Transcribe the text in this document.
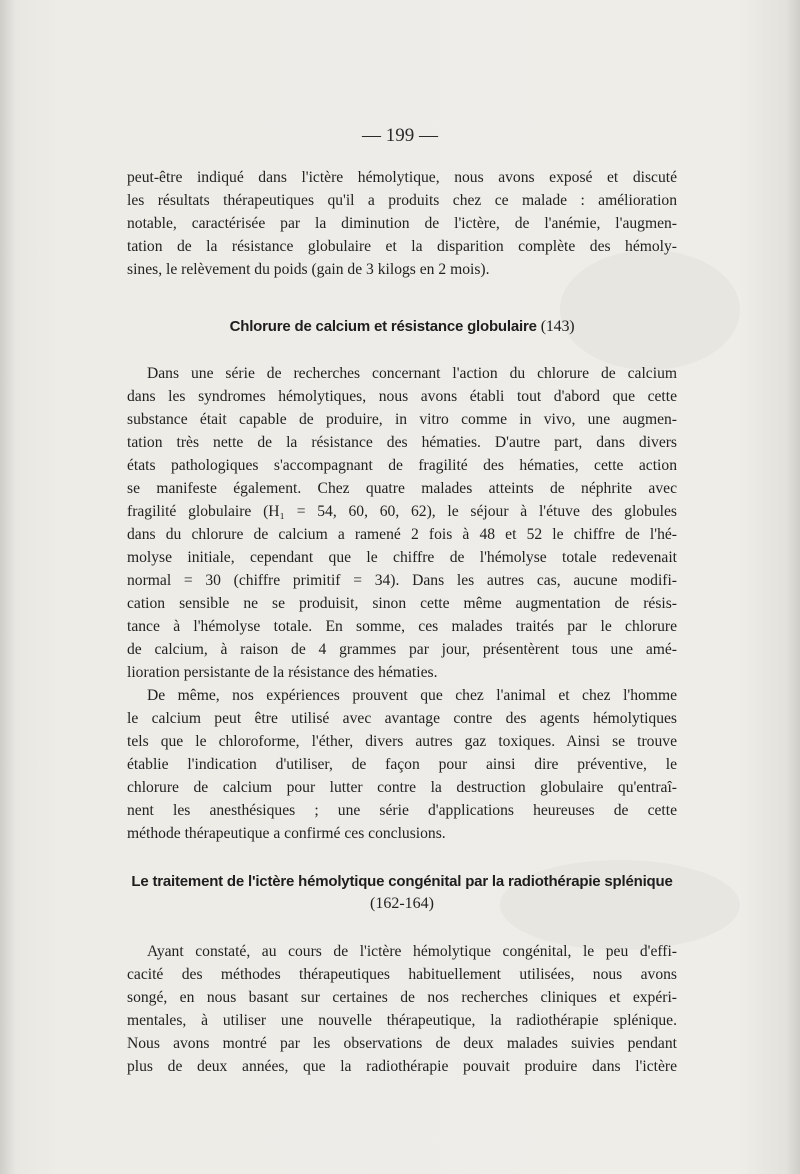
— 199 —
peut-être indiqué dans l'ictère hémolytique, nous avons exposé et discuté
les résultats thérapeutiques qu'il a produits chez ce malade : amélioration
notable, caractérisée par la diminution de l'ictère, de l'anémie, l'augmen-
tation de la résistance globulaire et la disparition complète des hémoly-
sines, le relèvement du poids (gain de 3 kilogs en 2 mois).
Chlorure de calcium et résistance globulaire (143)
Dans une série de recherches concernant l'action du chlorure de calcium
dans les syndromes hémolytiques, nous avons établi tout d'abord que cette
substance était capable de produire, in vitro comme in vivo, une augmen-
tation très nette de la résistance des hématies. D'autre part, dans divers
états pathologiques s'accompagnant de fragilité des hématies, cette action
se manifeste également. Chez quatre malades atteints de néphrite avec
fragilité globulaire (H₁ = 54, 60, 60, 62), le séjour à l'étuve des globules
dans du chlorure de calcium a ramené 2 fois à 48 et 52 le chiffre de l'hé-
molyse initiale, cependant que le chiffre de l'hémolyse totale redevenait
normal = 30 (chiffre primitif = 34). Dans les autres cas, aucune modifi-
cation sensible ne se produisit, sinon cette même augmentation de résis-
tance à l'hémolyse totale. En somme, ces malades traités par le chlorure
de calcium, à raison de 4 grammes par jour, présentèrent tous une amé-
lioration persistante de la résistance des hématies.
De même, nos expériences prouvent que chez l'animal et chez l'homme
le calcium peut être utilisé avec avantage contre des agents hémolytiques
tels que le chloroforme, l'éther, divers autres gaz toxiques. Ainsi se trouve
établie l'indication d'utiliser, de façon pour ainsi dire préventive, le
chlorure de calcium pour lutter contre la destruction globulaire qu'entraî-
nent les anesthésiques ; une série d'applications heureuses de cette
méthode thérapeutique a confirmé ces conclusions.
Le traitement de l'ictère hémolytique congénital par la radiothérapie splénique
(162-164)
Ayant constaté, au cours de l'ictère hémolytique congénital, le peu d'effi-
cacité des méthodes thérapeutiques habituellement utilisées, nous avons
songé, en nous basant sur certaines de nos recherches cliniques et expéri-
mentales, à utiliser une nouvelle thérapeutique, la radiothérapie splénique.
Nous avons montré par les observations de deux malades suivies pendant
plus de deux années, que la radiothérapie pouvait produire dans l'ictère
